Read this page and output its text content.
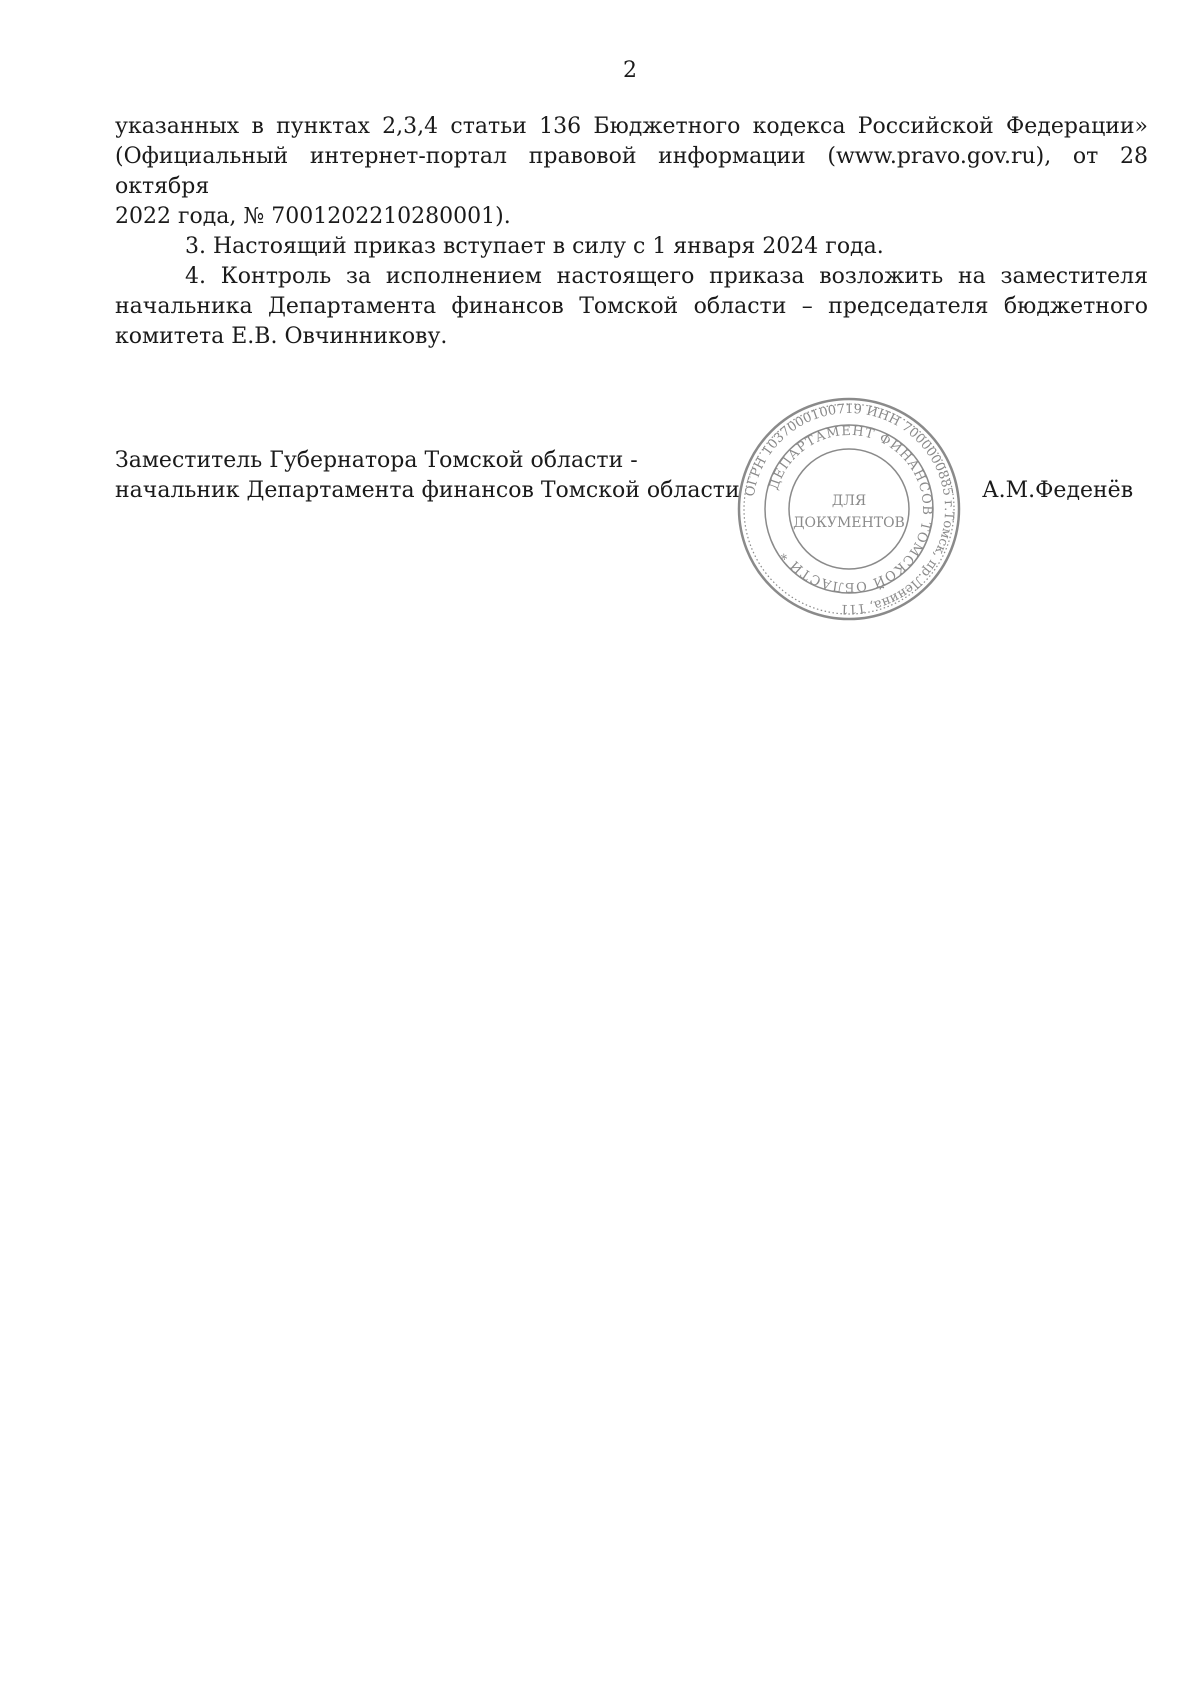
2

указанных в пунктах 2,3,4 статьи 136 Бюджетного кодекса Российской Федерации»
(Официальный интернет-портал правовой информации (www.pravo.gov.ru), от 28 октября
2022 года, № 7001202210280001).

3. Настоящий приказ вступает в силу с 1 января 2024 года.

4. Контроль за исполнением настоящего приказа возложить на заместителя
начальника Департамента финансов Томской области – председателя бюджетного
комитета Е.В. Овчинникову.

Заместитель Губернатора Томской области -
начальник Департамента финансов Томской области ОГРН 1037000100719 ИНН 7000000885 г.Томск, пр.Ленина, 111
ДЕПАРТАМЕНТ ФИНАНСОВ ТОМСКОЙ ОБЛАСТИ *
ДЛЯ
ДОКУМЕНТОВ
А.М.Феденёв
